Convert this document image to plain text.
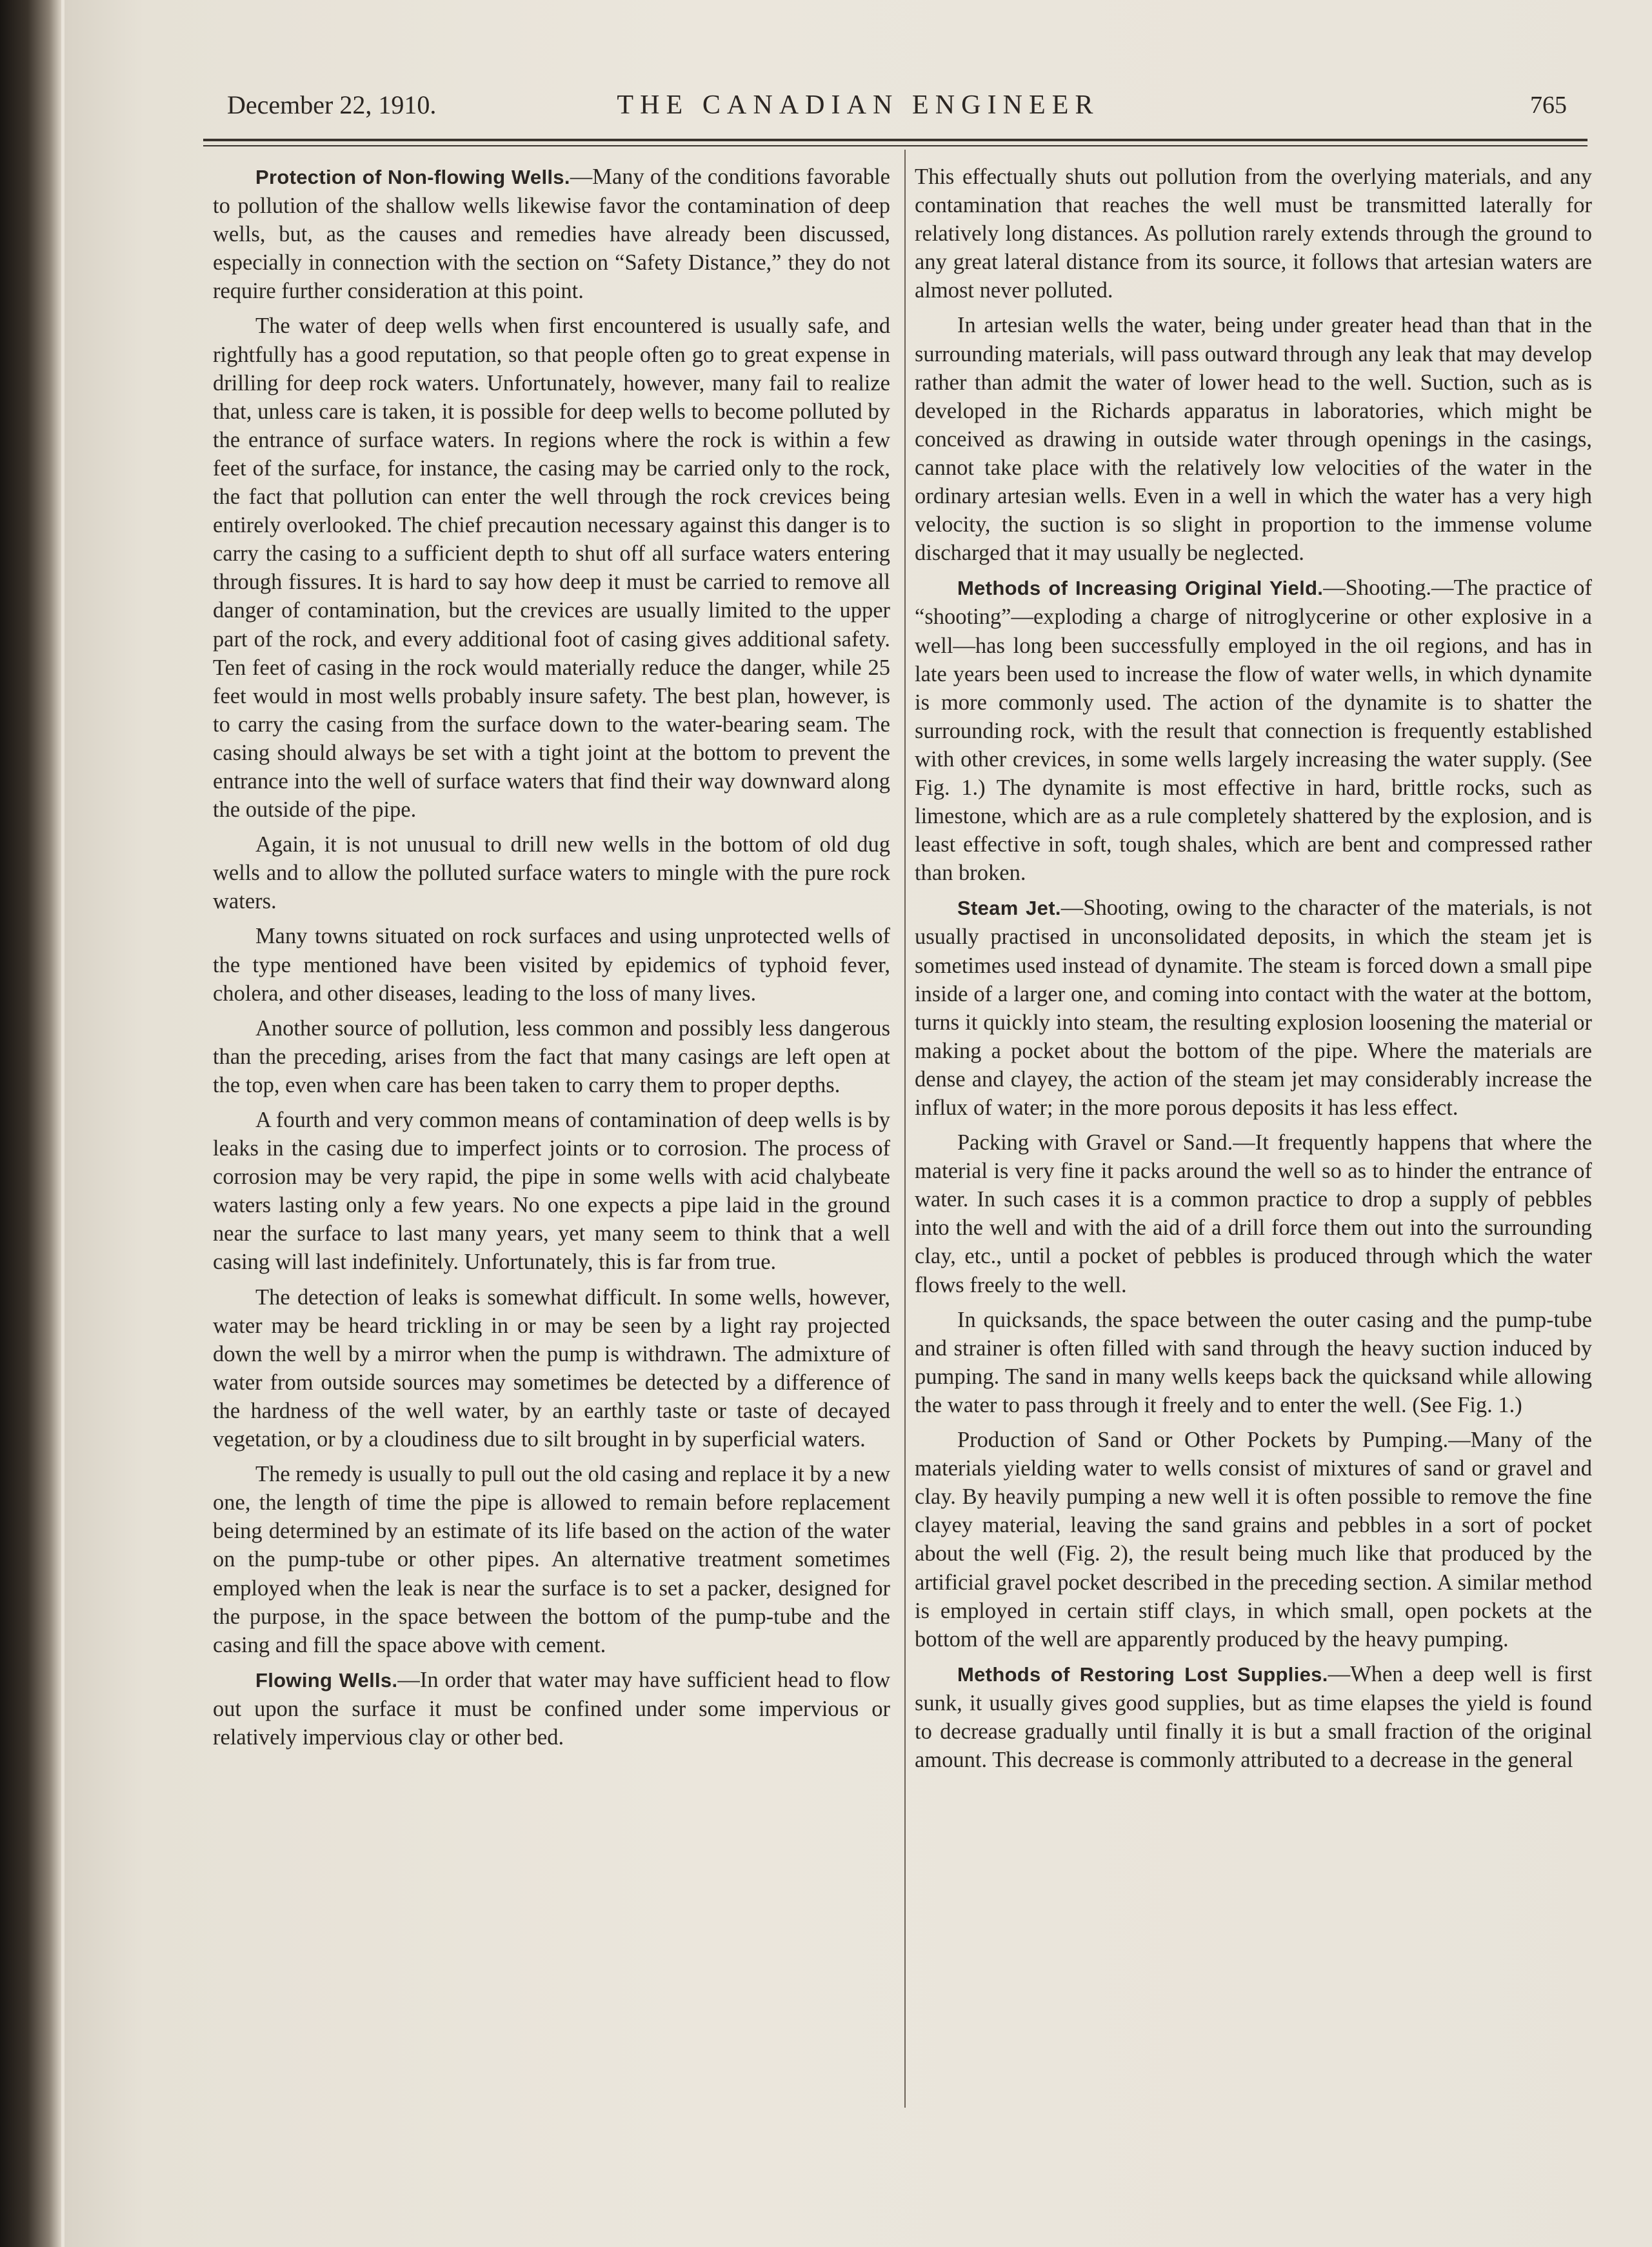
THE CANADIAN ENGINEER
December 22, 1910.	765

Protection of Non-flowing Wells.—Many of the conditions favorable to pollution of the shallow wells likewise favor the contamination of deep wells, but, as the causes and remedies have already been discussed, especially in connection with the section on “Safety Distance,” they do not require further consideration at this point.

The water of deep wells when first encountered is usually safe, and rightfully has a good reputation, so that people often go to great expense in drilling for deep rock waters. Unfortunately, however, many fail to realize that, unless care is taken, it is possible for deep wells to become polluted by the entrance of surface waters. In regions where the rock is within a few feet of the surface, for instance, the casing may be carried only to the rock, the fact that pollution can enter the well through the rock crevices being entirely overlooked. The chief precaution necessary against this danger is to carry the casing to a sufficient depth to shut off all surface waters entering through fissures. It is hard to say how deep it must be carried to remove all danger of contamination, but the crevices are usually limited to the upper part of the rock, and every additional foot of casing gives additional safety. Ten feet of casing in the rock would materially reduce the danger, while 25 feet would in most wells probably insure safety. The best plan, however, is to carry the casing from the surface down to the water-bearing seam. The casing should always be set with a tight joint at the bottom to prevent the entrance into the well of surface waters that find their way downward along the outside of the pipe.

Again, it is not unusual to drill new wells in the bottom of old dug wells and to allow the polluted surface waters to mingle with the pure rock waters.

Many towns situated on rock surfaces and using unprotected wells of the type mentioned have been visited by epidemics of typhoid fever, cholera, and other diseases, leading to the loss of many lives.

Another source of pollution, less common and possibly less dangerous than the preceding, arises from the fact that many casings are left open at the top, even when care has been taken to carry them to proper depths.

A fourth and very common means of contamination of deep wells is by leaks in the casing due to imperfect joints or to corrosion. The process of corrosion may be very rapid, the pipe in some wells with acid chalybeate waters lasting only a few years. No one expects a pipe laid in the ground near the surface to last many years, yet many seem to think that a well casing will last indefinitely. Unfortunately, this is far from true.

The detection of leaks is somewhat difficult. In some wells, however, water may be heard trickling in or may be seen by a light ray projected down the well by a mirror when the pump is withdrawn. The admixture of water from outside sources may sometimes be detected by a difference of the hardness of the well water, by an earthly taste or taste of decayed vegetation, or by a cloudiness due to silt brought in by superficial waters.

The remedy is usually to pull out the old casing and replace it by a new one, the length of time the pipe is allowed to remain before replacement being determined by an estimate of its life based on the action of the water on the pump-tube or other pipes. An alternative treatment sometimes employed when the leak is near the surface is to set a packer, designed for the purpose, in the space between the bottom of the pump-tube and the casing and fill the space above with cement.

Flowing Wells.—In order that water may have sufficient head to flow out upon the surface it must be confined under some impervious or relatively impervious clay or other bed.

This effectually shuts out pollution from the overlying materials, and any contamination that reaches the well must be transmitted laterally for relatively long distances. As pollution rarely extends through the ground to any great lateral distance from its source, it follows that artesian waters are almost never polluted.

In artesian wells the water, being under greater head than that in the surrounding materials, will pass outward through any leak that may develop rather than admit the water of lower head to the well. Suction, such as is developed in the Richards apparatus in laboratories, which might be conceived as drawing in outside water through openings in the casings, cannot take place with the relatively low velocities of the water in the ordinary artesian wells. Even in a well in which the water has a very high velocity, the suction is so slight in proportion to the immense volume discharged that it may usually be neglected.

Methods of Increasing Original Yield.—Shooting.—The practice of “shooting”—exploding a charge of nitroglycerine or other explosive in a well—has long been successfully employed in the oil regions, and has in late years been used to increase the flow of water wells, in which dynamite is more commonly used. The action of the dynamite is to shatter the surrounding rock, with the result that connection is frequently established with other crevices, in some wells largely increasing the water supply. (See Fig. 1.) The dynamite is most effective in hard, brittle rocks, such as limestone, which are as a rule completely shattered by the explosion, and is least effective in soft, tough shales, which are bent and compressed rather than broken.

Steam Jet.—Shooting, owing to the character of the materials, is not usually practised in unconsolidated deposits, in which the steam jet is sometimes used instead of dynamite. The steam is forced down a small pipe inside of a larger one, and coming into contact with the water at the bottom, turns it quickly into steam, the resulting explosion loosening the material or making a pocket about the bottom of the pipe. Where the materials are dense and clayey, the action of the steam jet may considerably increase the influx of water; in the more porous deposits it has less effect.

Packing with Gravel or Sand.—It frequently happens that where the material is very fine it packs around the well so as to hinder the entrance of water. In such cases it is a common practice to drop a supply of pebbles into the well and with the aid of a drill force them out into the surrounding clay, etc., until a pocket of pebbles is produced through which the water flows freely to the well.

In quicksands, the space between the outer casing and the pump-tube and strainer is often filled with sand through the heavy suction induced by pumping. The sand in many wells keeps back the quicksand while allowing the water to pass through it freely and to enter the well. (See Fig. 1.)

Production of Sand or Other Pockets by Pumping.—Many of the materials yielding water to wells consist of mixtures of sand or gravel and clay. By heavily pumping a new well it is often possible to remove the fine clayey material, leaving the sand grains and pebbles in a sort of pocket about the well (Fig. 2), the result being much like that produced by the artificial gravel pocket described in the preceding section. A similar method is employed in certain stiff clays, in which small, open pockets at the bottom of the well are apparently produced by the heavy pumping.

Methods of Restoring Lost Supplies.—When a deep well is first sunk, it usually gives good supplies, but as time elapses the yield is found to decrease gradually until finally it is but a small fraction of the original amount. This decrease is commonly attributed to a decrease in the general
